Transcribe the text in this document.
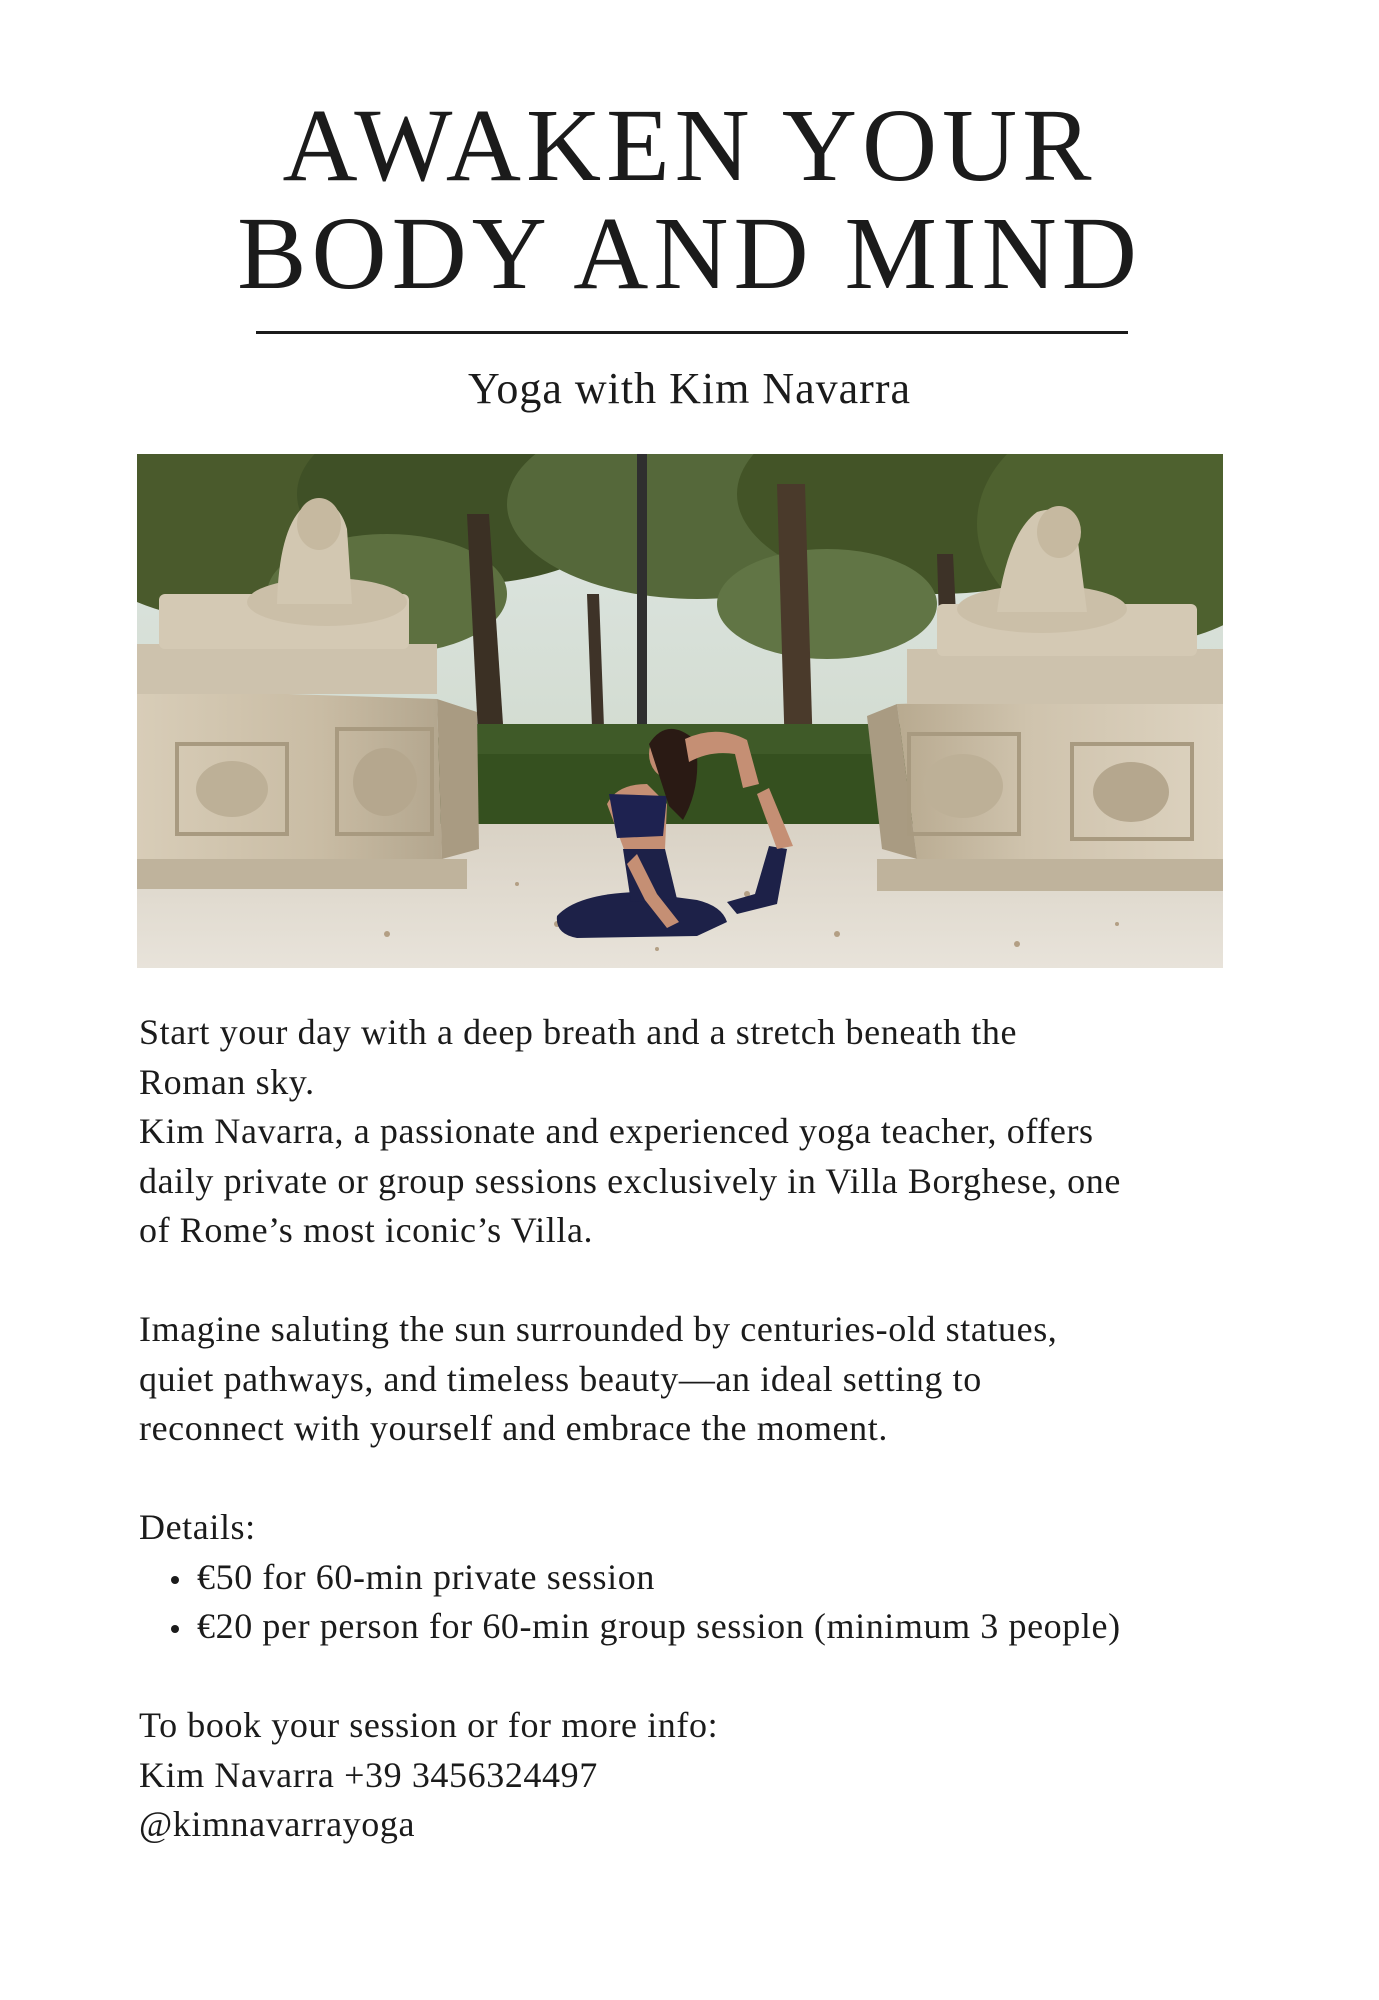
AWAKEN YOUR
BODY AND MIND
Yoga with Kim Navarra

Start your day with a deep breath and a stretch beneath the

Roman sky.

Kim Navarra, a passionate and experienced yoga teacher, offers

daily private or group sessions exclusively in Villa Borghese, one

of Rome’s most iconic’s Villa.

Imagine saluting the sun surrounded by centuries-old statues,

quiet pathways, and timeless beauty—an ideal setting to

reconnect with yourself and embrace the moment.

Details:

€50 for 60-min private session
€20 per person for 60-min group session (minimum 3 people)

To book your session or for more info:

Kim Navarra +39 3456324497

@kimnavarrayoga
